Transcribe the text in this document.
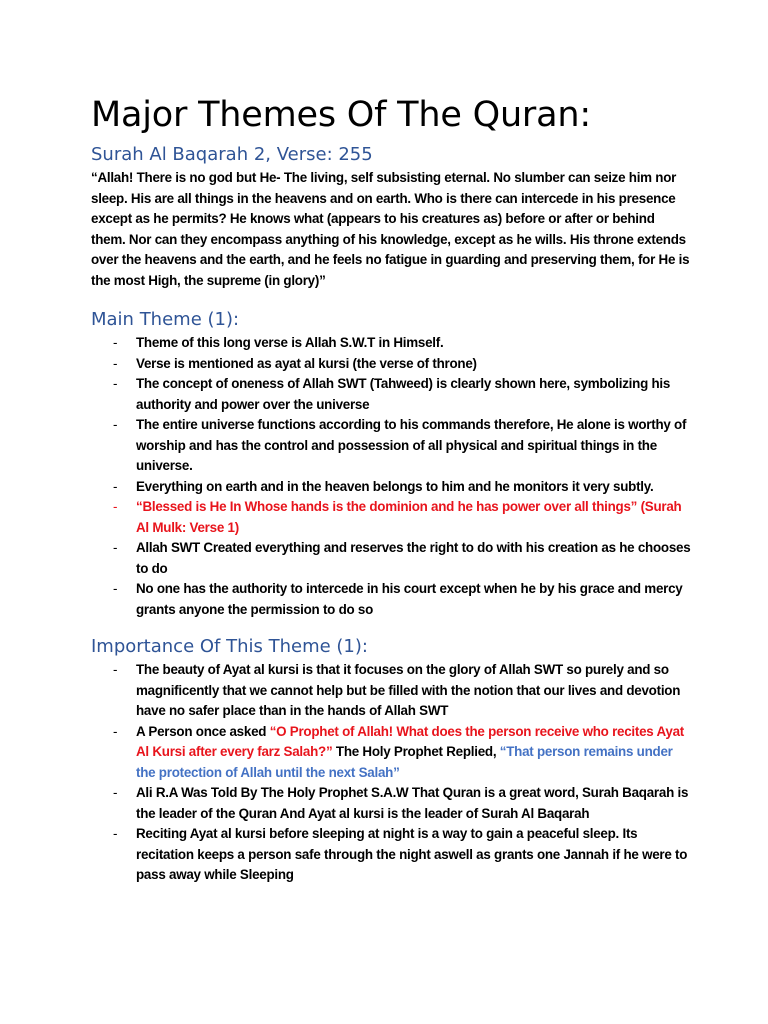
Major Themes Of The Quran:
Surah Al Baqarah 2, Verse: 255

“Allah! There is no god but He- The living, self subsisting eternal. No slumber can seize him nor sleep. His are all things in the heavens and on earth. Who is there can intercede in his presence except as he permits? He knows what (appears to his creatures as) before or after or behind them. Nor can they encompass anything of his knowledge, except as he wills. His throne extends over the heavens and the earth, and he feels no fatigue in guarding and preserving them, for He is the most High, the supreme (in glory)”

Main Theme (1):
- Theme of this long verse is Allah S.W.T in Himself.
- Verse is mentioned as ayat al kursi (the verse of throne)
- The concept of oneness of Allah SWT (Tahweed) is clearly shown here, symbolizing his authority and power over the universe
- The entire universe functions according to his commands therefore, He alone is worthy of worship and has the control and possession of all physical and spiritual things in the universe.
- Everything on earth and in the heaven belongs to him and he monitors it very subtly.
- “Blessed is He In Whose hands is the dominion and he has power over all things” (Surah Al Mulk: Verse 1)
- Allah SWT Created everything and reserves the right to do with his creation as he chooses to do
- No one has the authority to intercede in his court except when he by his grace and mercy grants anyone the permission to do so
Importance Of This Theme (1):
- The beauty of Ayat al kursi is that it focuses on the glory of Allah SWT so purely and so magnificently that we cannot help but be filled with the notion that our lives and devotion have no safer place than in the hands of Allah SWT
- A Person once asked “O Prophet of Allah! What does the person receive who recites Ayat Al Kursi after every farz Salah?” The Holy Prophet Replied, “That person remains under the protection of Allah until the next Salah”
- Ali R.A Was Told By The Holy Prophet S.A.W That Quran is a great word, Surah Baqarah is the leader of the Quran And Ayat al kursi is the leader of Surah Al Baqarah
- Reciting Ayat al kursi before sleeping at night is a way to gain a peaceful sleep. Its recitation keeps a person safe through the night aswell as grants one Jannah if he were to pass away while Sleeping
